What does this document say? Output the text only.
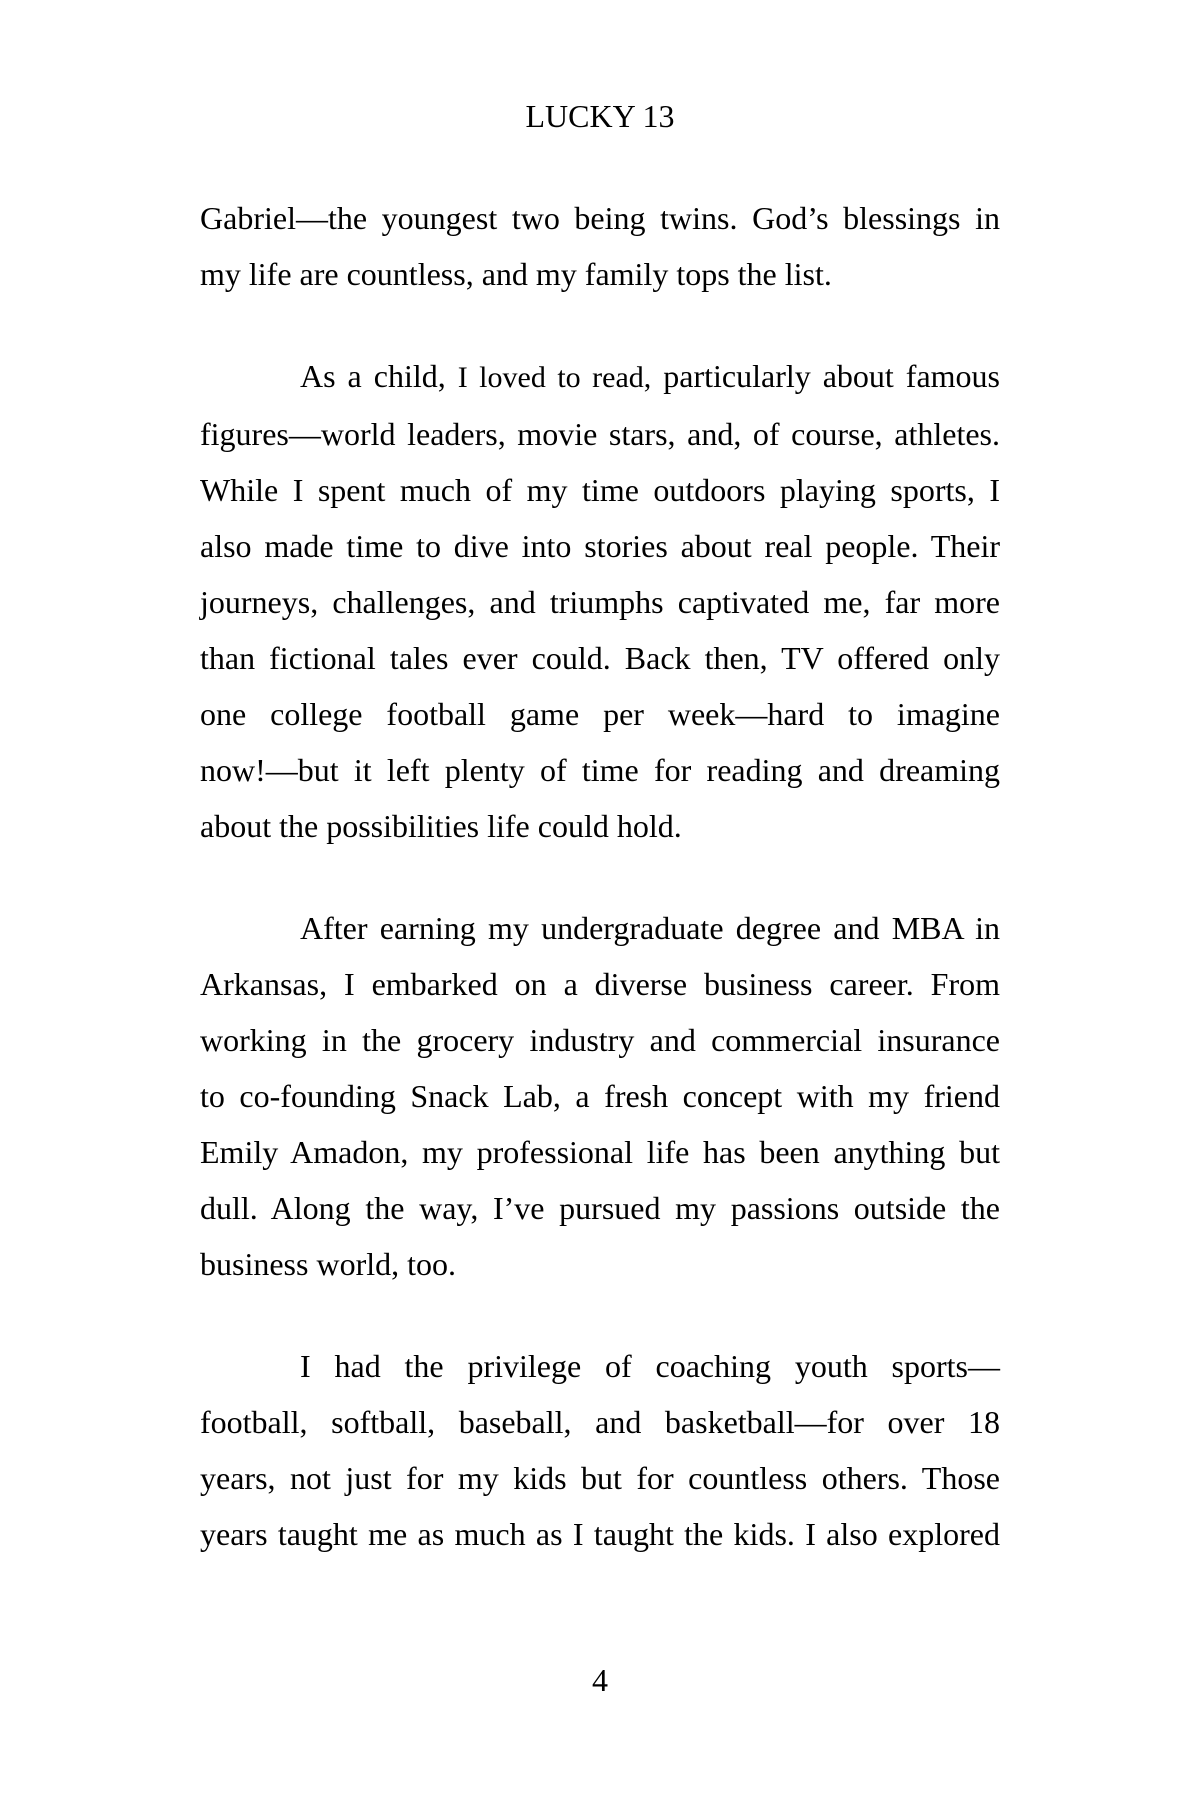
LUCKY 13

Gabriel—the youngest two being twins. God’s blessings in
my life are countless, and my family tops the list.

As a child, I loved to read, particularly about famous
figures—world leaders, movie stars, and, of course, athletes.
While I spent much of my time outdoors playing sports, I
also made time to dive into stories about real people. Their
journeys, challenges, and triumphs captivated me, far more
than fictional tales ever could. Back then, TV offered only
one college football game per week—hard to imagine
now!—but it left plenty of time for reading and dreaming
about the possibilities life could hold.

After earning my undergraduate degree and MBA in
Arkansas, I embarked on a diverse business career. From
working in the grocery industry and commercial insurance
to co-founding Snack Lab, a fresh concept with my friend
Emily Amadon, my professional life has been anything but
dull. Along the way, I’ve pursued my passions outside the
business world, too.

I had the privilege of coaching youth sports—
football, softball, baseball, and basketball—for over 18
years, not just for my kids but for countless others. Those
years taught me as much as I taught the kids. I also explored

4
